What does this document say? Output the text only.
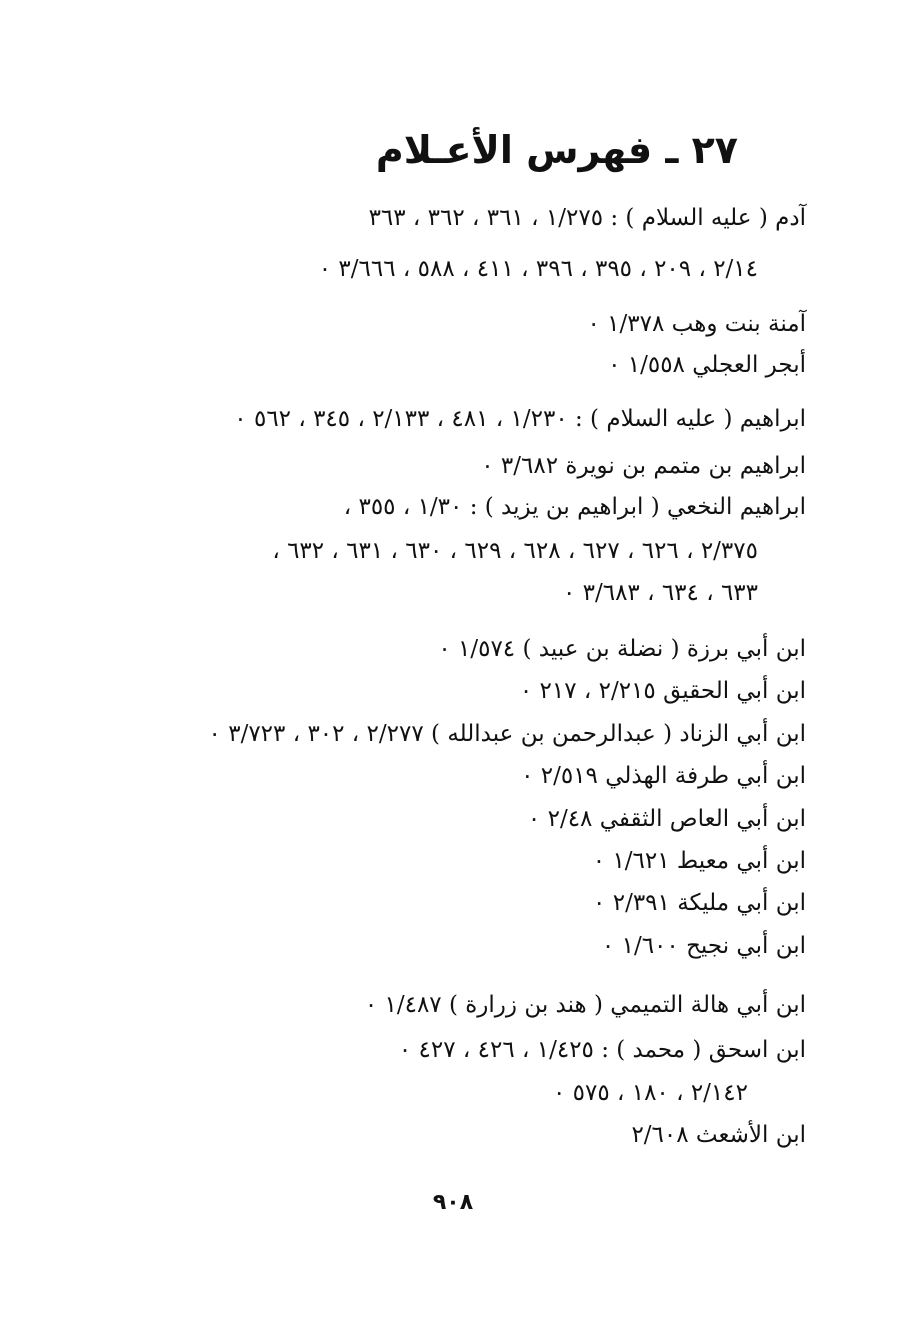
٢٧ ـ فهرس الأعـلام
آدم ( عليه السلام ) : ١/٢٧٥ ، ٣٦١ ، ٣٦٢ ، ٣٦٣
٢/١٤ ، ٢٠٩ ، ٣٩٥ ، ٣٩٦ ، ٤١١ ، ٥٨٨ ، ٣/٦٦٦ ٠
آمنة بنت وهب ١/٣٧٨ ٠
أبجر العجلي ١/٥٥٨ ٠
ابراهيم ( عليه السلام ) : ١/٢٣٠ ، ٤٨١ ، ٢/١٣٣ ، ٣٤٥ ، ٥٦٢ ٠
ابراهيم بن متمم بن نويرة ٣/٦٨٢ ٠
ابراهيم النخعي ( ابراهيم بن يزيد ) : ١/٣٠ ، ٣٥٥ ،
٢/٣٧٥ ، ٦٢٦ ، ٦٢٧ ، ٦٢٨ ، ٦٢٩ ، ٦٣٠ ، ٦٣١ ، ٦٣٢ ،
٦٣٣ ، ٦٣٤ ، ٣/٦٨٣ ٠
ابن أبي برزة ( نضلة بن عبيد ) ١/٥٧٤ ٠
ابن أبي الحقيق ٢/٢١٥ ، ٢١٧ ٠
ابن أبي الزناد ( عبدالرحمن بن عبدالله ) ٢/٢٧٧ ، ٣٠٢ ، ٣/٧٢٣ ٠
ابن أبي طرفة الهذلي ٢/٥١٩ ٠
ابن أبي العاص الثقفي ٢/٤٨ ٠
ابن أبي معيط ١/٦٢١ ٠
ابن أبي مليكة ٢/٣٩١ ٠
ابن أبي نجيح ١/٦٠٠ ٠
ابن أبي هالة التميمي ( هند بن زرارة ) ١/٤٨٧ ٠
ابن اسحق ( محمد ) : ١/٤٢٥ ، ٤٢٦ ، ٤٢٧ ٠
٢/١٤٢ ، ١٨٠ ، ٥٧٥ ٠
ابن الأشعث ٢/٦٠٨
٩٠٨
